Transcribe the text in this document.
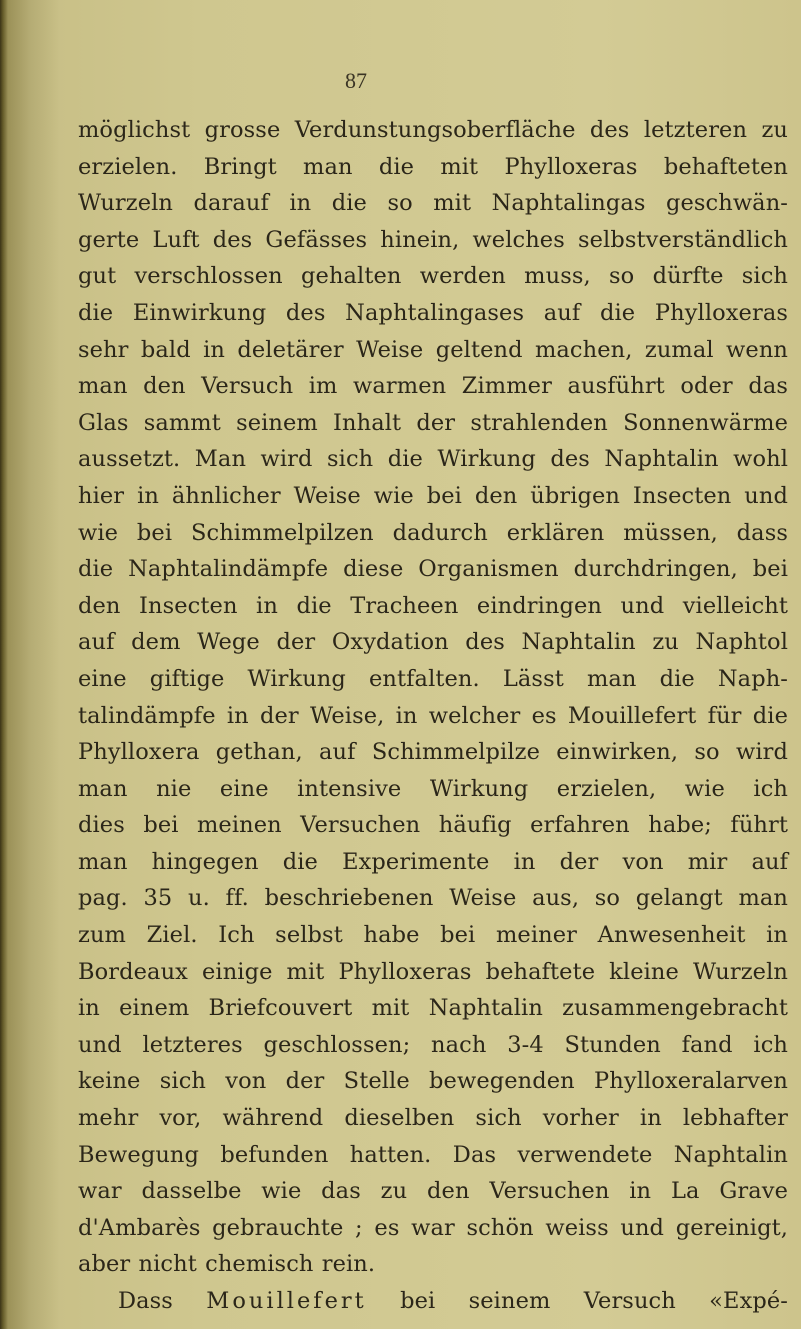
87
möglichst grosse Verdunstungsoberfläche des letzteren zu
erzielen. Bringt man die mit Phylloxeras behafteten
Wurzeln darauf in die so mit Naphtalingas geschwän-
gerte Luft des Gefässes hinein, welches selbstverständlich
gut verschlossen gehalten werden muss, so dürfte sich
die Einwirkung des Naphtalingases auf die Phylloxeras
sehr bald in deletärer Weise geltend machen, zumal wenn
man den Versuch im warmen Zimmer ausführt oder das
Glas sammt seinem Inhalt der strahlenden Sonnenwärme
aussetzt. Man wird sich die Wirkung des Naphtalin wohl
hier in ähnlicher Weise wie bei den übrigen Insecten und
wie bei Schimmelpilzen dadurch erklären müssen, dass
die Naphtalindämpfe diese Organismen durchdringen, bei
den Insecten in die Tracheen eindringen und vielleicht
auf dem Wege der Oxydation des Naphtalin zu Naphtol
eine giftige Wirkung entfalten. Lässt man die Naph-
talindämpfe in der Weise, in welcher es Mouillefert für die
Phylloxera gethan, auf Schimmelpilze einwirken, so wird
man nie eine intensive Wirkung erzielen, wie ich
dies bei meinen Versuchen häufig erfahren habe; führt
man hingegen die Experimente in der von mir auf
pag. 35 u. ff. beschriebenen Weise aus, so gelangt man
zum Ziel. Ich selbst habe bei meiner Anwesenheit in
Bordeaux einige mit Phylloxeras behaftete kleine Wurzeln
in einem Briefcouvert mit Naphtalin zusammengebracht
und letzteres geschlossen; nach 3-4 Stunden fand ich
keine sich von der Stelle bewegenden Phylloxeralarven
mehr vor, während dieselben sich vorher in lebhafter
Bewegung befunden hatten. Das verwendete Naphtalin
war dasselbe wie das zu den Versuchen in La Grave
d'Ambarès gebrauchte ; es war schön weiss und gereinigt,
aber nicht chemisch rein.
Dass Mouillefert bei seinem Versuch «Expé-
